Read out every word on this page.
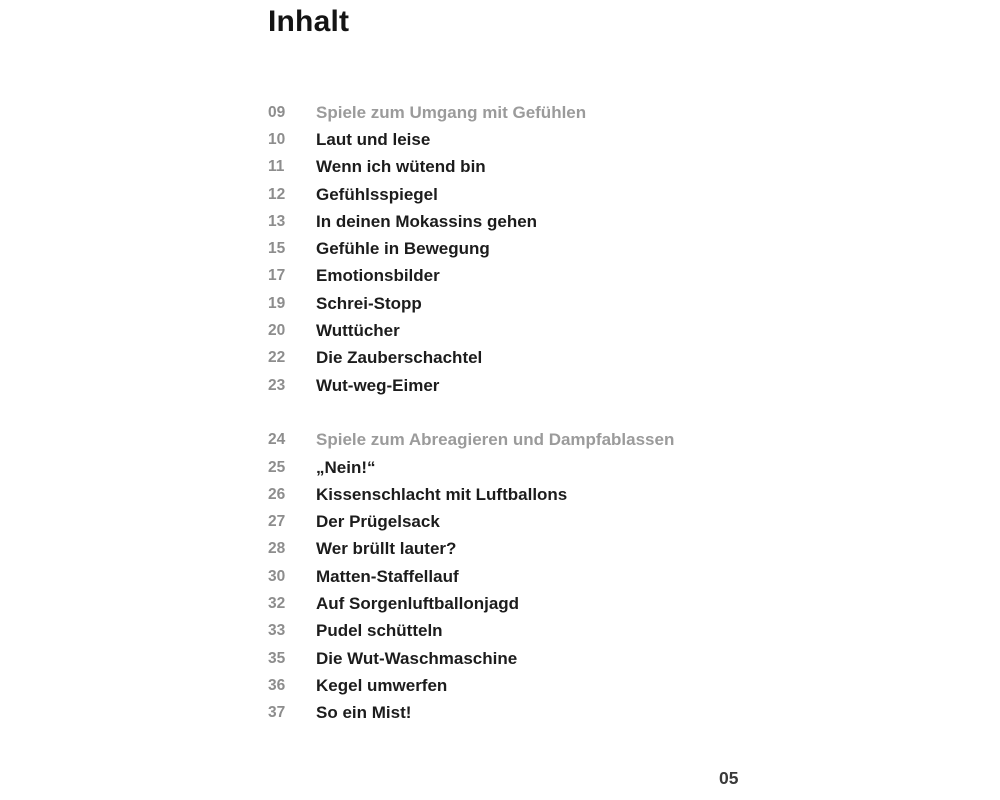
Inhalt
09	Spiele zum Umgang mit Gefühlen
10	Laut und leise
11	Wenn ich wütend bin
12	Gefühlsspiegel
13	In deinen Mokassins gehen
15	Gefühle in Bewegung
17	Emotionsbilder
19	Schrei-Stopp
20	Wuttücher
22	Die Zauberschachtel
23	Wut-weg-Eimer
24	Spiele zum Abreagieren und Dampfablassen
25	„Nein!“
26	Kissenschlacht mit Luftballons
27	Der Prügelsack
28	Wer brüllt lauter?
30	Matten-Staffellauf
32	Auf Sorgenluftballonjagd
33	Pudel schütteln
35	Die Wut-Waschmaschine
36	Kegel umwerfen
37	So ein Mist!
05
